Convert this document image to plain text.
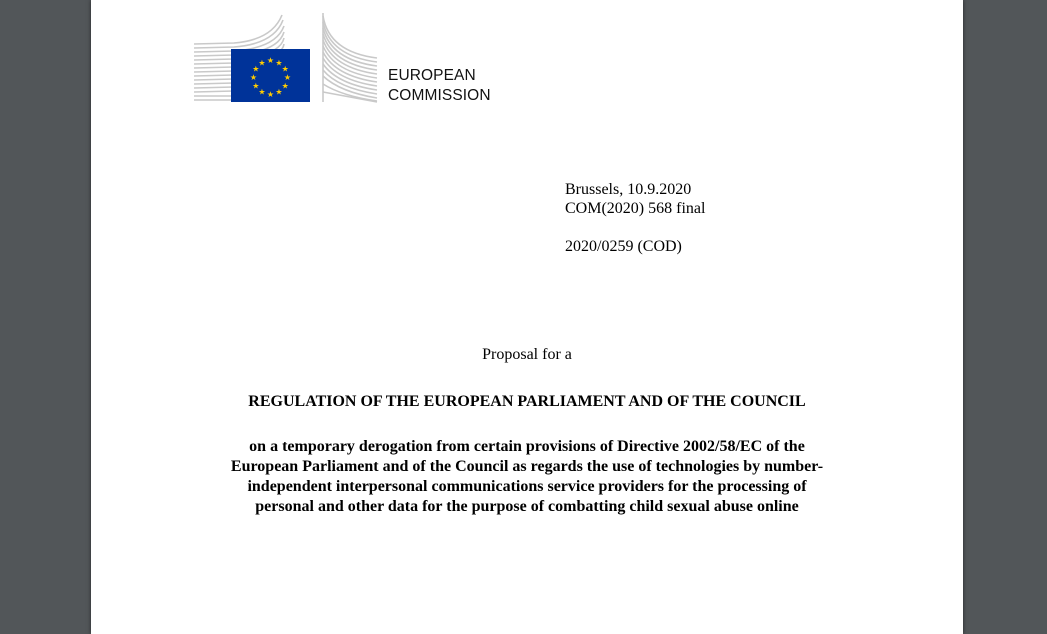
★ ★
★
★
★
★
★
★
★
★
★
★
EUROPEAN
COMMISSION
Brussels, 10.9.2020
COM(2020) 568 final
2020/0259 (COD)
Proposal for a
REGULATION OF THE EUROPEAN PARLIAMENT AND OF THE COUNCIL
on a temporary derogation from certain provisions of Directive 2002/58/EC of the
European Parliament and of the Council as regards the use of technologies by number-
independent interpersonal communications service providers for the processing of
personal and other data for the purpose of combatting child sexual abuse online
